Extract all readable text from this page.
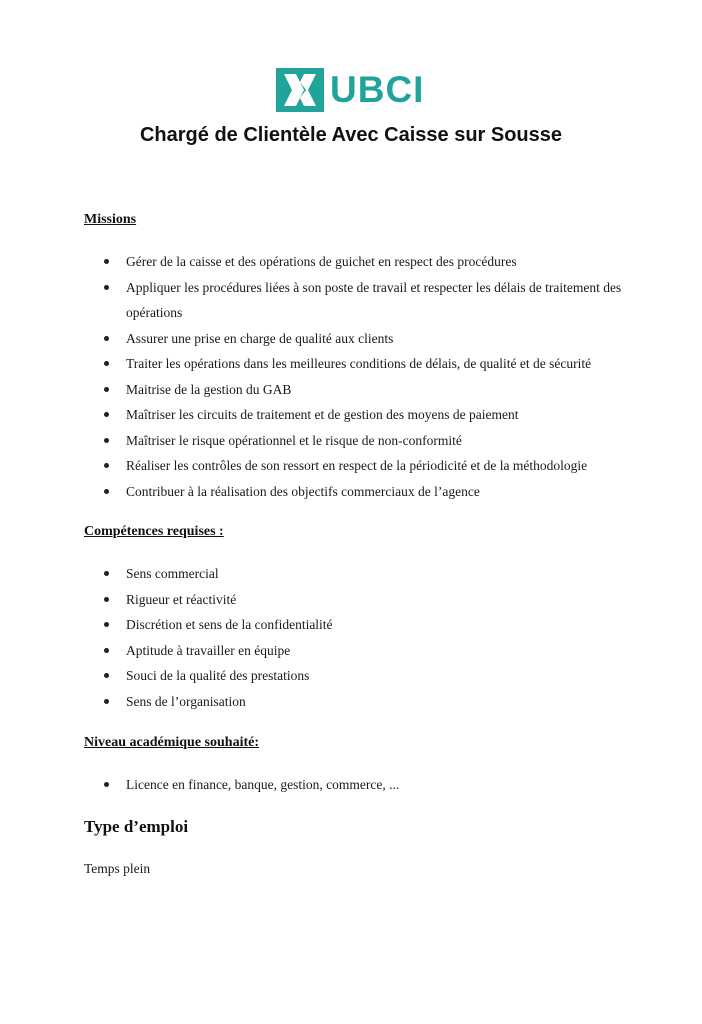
UBCI
Chargé de Clientèle Avec Caisse sur Sousse
Missions
Gérer de la caisse et des opérations de guichet en respect des procédures
Appliquer les procédures liées à son poste de travail et respecter les délais de traitement des opérations
Assurer une prise en charge de qualité aux clients
Traiter les opérations dans les meilleures conditions de délais, de qualité et de sécurité
Maitrise de la gestion du GAB
Maîtriser les circuits de traitement et de gestion des moyens de paiement
Maîtriser le risque opérationnel et le risque de non-conformité
Réaliser les contrôles de son ressort en respect de la périodicité et de la méthodologie
Contribuer à la réalisation des objectifs commerciaux de l’agence
Compétences requises :
Sens commercial
Rigueur et réactivité
Discrétion et sens de la confidentialité
Aptitude à travailler en équipe
Souci de la qualité des prestations
Sens de l’organisation
Niveau académique souhaité:
Licence en finance, banque, gestion, commerce, ...
Type d’emploi
Temps plein
